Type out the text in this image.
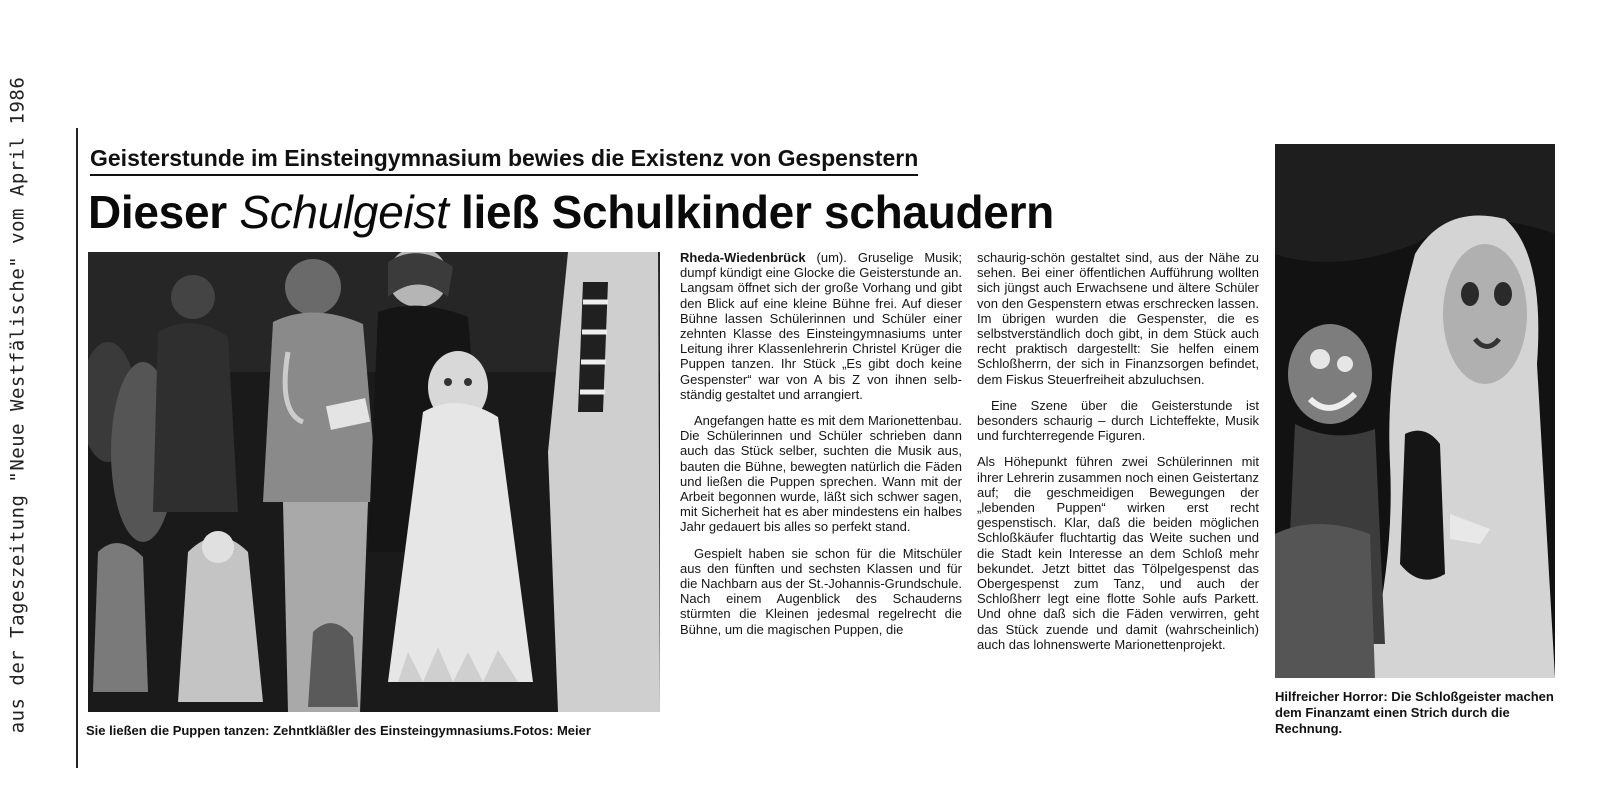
aus der Tageszeitung "Neue Westfälische" vom April 1986	Geisterstunde im Einsteingymnasium bewies die Existenz von Gespenstern
Dieser Schulgeist ließ Schulkinder schaudern
Sie ließen die Puppen tanzen: Zehntkläßler des Einsteingymnasiums.Fotos: Meier

Rheda-Wiedenbrück (um). Gruselige Musik; dumpf kündigt eine Glocke die Geisterstunde an. Langsam öffnet sich der große Vorhang und gibt den Blick auf eine kleine Bühne frei. Auf dieser Bühne lassen Schülerinnen und Schüler einer zehnten Klasse des Einsteingymnasiums unter Leitung ihrer Klassenlehrerin Christel Krüger die Puppen tanzen. Ihr Stück „Es gibt doch keine Gespenster“ war von A bis Z von ihnen selbständig gestaltet und arrangiert.

Angefangen hatte es mit dem Marionettenbau. Die Schülerinnen und Schüler schrieben dann auch das Stück selber, suchten die Musik aus, bauten die Bühne, bewegten natürlich die Fäden und ließen die Puppen sprechen. Wann mit der Arbeit begonnen wurde, läßt sich schwer sagen, mit Sicherheit hat es aber mindestens ein halbes Jahr gedauert bis alles so perfekt stand.

Gespielt haben sie schon für die Mitschüler aus den fünften und sechsten Klassen und für die Nachbarn aus der St.-Johannis-Grundschule. Nach einem Augenblick des Schauderns stürmten die Kleinen jedesmal regelrecht die Bühne, um die magischen Puppen, die

schaurig-schön gestaltet sind, aus der Nähe zu sehen. Bei einer öffentlichen Aufführung wollten sich jüngst auch Erwachsene und ältere Schüler von den Gespenstern etwas erschrecken lassen. Im übrigen wurden die Gespenster, die es selbstverständlich doch gibt, in dem Stück auch recht praktisch dargestellt: Sie helfen einem Schloßherrn, der sich in Finanzsorgen befindet, dem Fiskus Steuerfreiheit abzuluchsen.

Eine Szene über die Geisterstunde ist besonders schaurig – durch Lichteffekte, Musik und furchterregende Figuren.

Als Höhepunkt führen zwei Schülerinnen mit ihrer Lehrerin zusammen noch einen Geistertanz auf; die geschmeidigen Bewegungen der „lebenden Puppen“ wirken erst recht gespenstisch. Klar, daß die beiden möglichen Schloßkäufer fluchtartig das Weite suchen und die Stadt kein Interesse an dem Schloß mehr bekundet. Jetzt bittet das Tölpelgespenst das Obergespenst zum Tanz, und auch der Schloßherr legt eine flotte Sohle aufs Parkett. Und ohne daß sich die Fäden verwirren, geht das Stück zuende und damit (wahrscheinlich) auch das lohnenswerte Marionettenprojekt.

Hilfreicher Horror: Die Schloßgeister machen dem Finanzamt einen Strich durch die Rechnung.
